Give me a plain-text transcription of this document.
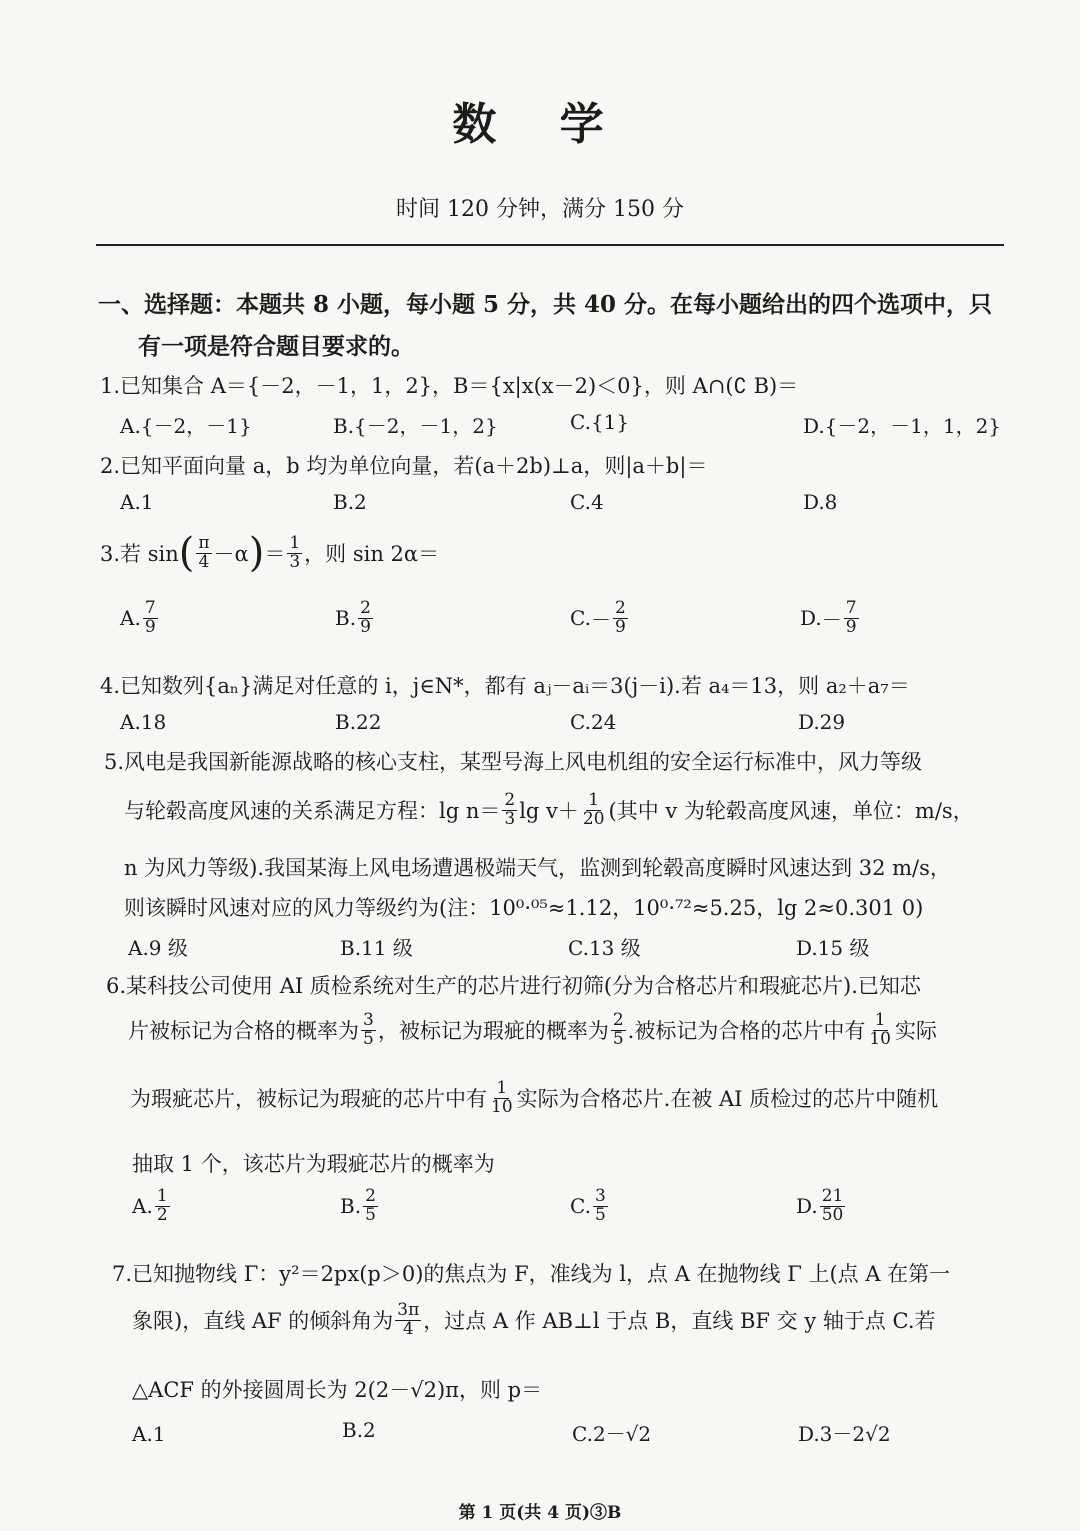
数 学
时间 120 分钟，满分 150 分
一、选择题：本题共 8 小题，每小题 5 分，共 40 分。在每小题给出的四个选项中，只
有一项是符合题目要求的。
1.已知集合 A＝{－2，－1，1，2}，B＝{x|x(x－2)＜0}，则 A∩(∁ B)＝
A.{－2，－1}	B.{－2，－1，2}	C.{1}	D.{－2，－1，1，2}
2.已知平面向量 a，b 均为单位向量，若(a＋2b)⊥a，则|a＋b|＝
A.1	B.2	C.4	D.8
3.若 sin ( $\frac{\pi}{4} -\alpha$ ) ＝ $\frac{1}{3}$ ，则 sin 2α＝
A. $\frac{7}{9}$	B. $\frac{2}{9}$	C. － $\frac{2}{9}$	D. － $\frac{7}{9}$
4.已知数列{aₙ}满足对任意的 i，j∈N*，都有 aⱼ－aᵢ＝3(j－i).若 a₄＝13，则 a₂＋a₇＝
A.18	B.22	C.24	D.29
5.风电是我国新能源战略的核心支柱，某型号海上风电机组的安全运行标准中，风力等级
与轮毂高度风速的关系满足方程：$\lg n= \frac{2}{3}$ $\lg v+ \frac{1}{20}$ (其中 v 为轮毂高度风速，单位：m/s，
n 为风力等级).我国某海上风电场遭遇极端天气，监测到轮毂高度瞬时风速达到 32 m/s，
则该瞬时风速对应的风力等级约为(注：10⁰·⁰⁵≈1.12，10⁰·⁷²≈5.25，lg 2≈0.301 0)
A.9 级	B.11 级	C.13 级	D.15 级
6.某科技公司使用 AI 质检系统对生产的芯片进行初筛(分为合格芯片和瑕疵芯片).已知芯
片被标记为合格的概率为 $\frac{3}{5}$ ，被标记为瑕疵的概率为 $\frac{2}{5}$ .被标记为合格的芯片中有 $\frac{1}{10}$ 实际
为瑕疵芯片，被标记为瑕疵的芯片中有 $\frac{1}{10}$ 实际为合格芯片.在被 AI 质检过的芯片中随机
抽取 1 个，该芯片为瑕疵芯片的概率为
A. $\frac{1}{2}$	B. $\frac{2}{5}$	C. $\frac{3}{5}$	D. $\frac{21}{50}$
7.已知抛物线 Γ：y²＝2px(p＞0)的焦点为 F，准线为 l，点 A 在抛物线 Γ 上(点 A 在第一
象限)，直线 AF 的倾斜角为 $\frac{3\pi}{4}$ ，过点 A 作 AB⊥l 于点 B，直线 BF 交 y 轴于点 C.若
△ACF 的外接圆周长为 2(2－√2)π，则 p＝
A.1	B.2	C.2－√2	D.3－2√2
第 1 页(共 4 页)③B
